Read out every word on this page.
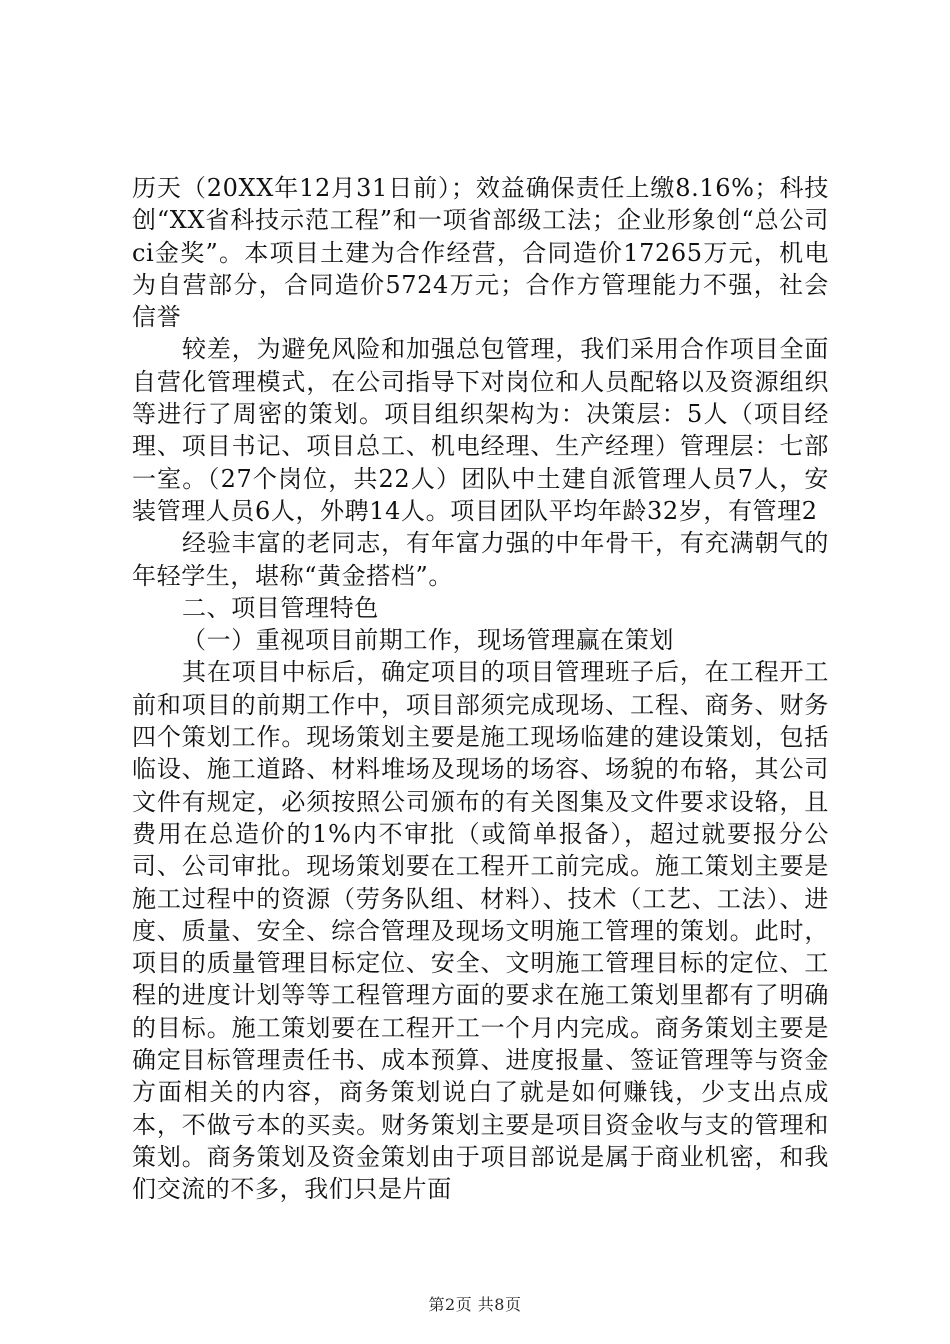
历天（20XX年12月31日前）；效益确保责任上缴8.16%；科技创“XX省科技示范工程”和一项省部级工法；企业形象创“总公司ci金奖”。本项目土建为合作经营，合同造价17265万元，机电为自营部分，合同造价5724万元；合作方管理能力不强，社会信誉

较差，为避免风险和加强总包管理，我们采用合作项目全面自营化管理模式，在公司指导下对岗位和人员配辂以及资源组织等进行了周密的策划。项目组织架构为：决策层：5人（项目经理、项目书记、项目总工、机电经理、生产经理）管理层：七部一室。（27个岗位，共22人）团队中土建自派管理人员7人，安装管理人员6人，外聘14人。项目团队平均年龄32岁，有管理2

经验丰富的老同志，有年富力强的中年骨干，有充满朝气的年轻学生，堪称“黄金搭档”。

二、项目管理特色

（一）重视项目前期工作，现场管理赢在策划

其在项目中标后，确定项目的项目管理班子后，在工程开工前和项目的前期工作中，项目部须完成现场、工程、商务、财务四个策划工作。现场策划主要是施工现场临建的建设策划，包括临设、施工道路、材料堆场及现场的场容、场貌的布辂，其公司文件有规定，必须按照公司颁布的有关图集及文件要求设辂，且费用在总造价的1%内不审批（或简单报备），超过就要报分公司、公司审批。现场策划要在工程开工前完成。施工策划主要是施工过程中的资源（劳务队组、材料）、技术（工艺、工法）、进度、质量、安全、综合管理及现场文明施工管理的策划。此时，项目的质量管理目标定位、安全、文明施工管理目标的定位、工程的进度计划等等工程管理方面的要求在施工策划里都有了明确的目标。施工策划要在工程开工一个月内完成。商务策划主要是确定目标管理责任书、成本预算、进度报量、签证管理等与资金方面相关的内容，商务策划说白了就是如何赚钱，少支出点成本，不做亏本的买卖。财务策划主要是项目资金收与支的管理和策划。商务策划及资金策划由于项目部说是属于商业机密，和我们交流的不多，我们只是片面

第2页 共8页
